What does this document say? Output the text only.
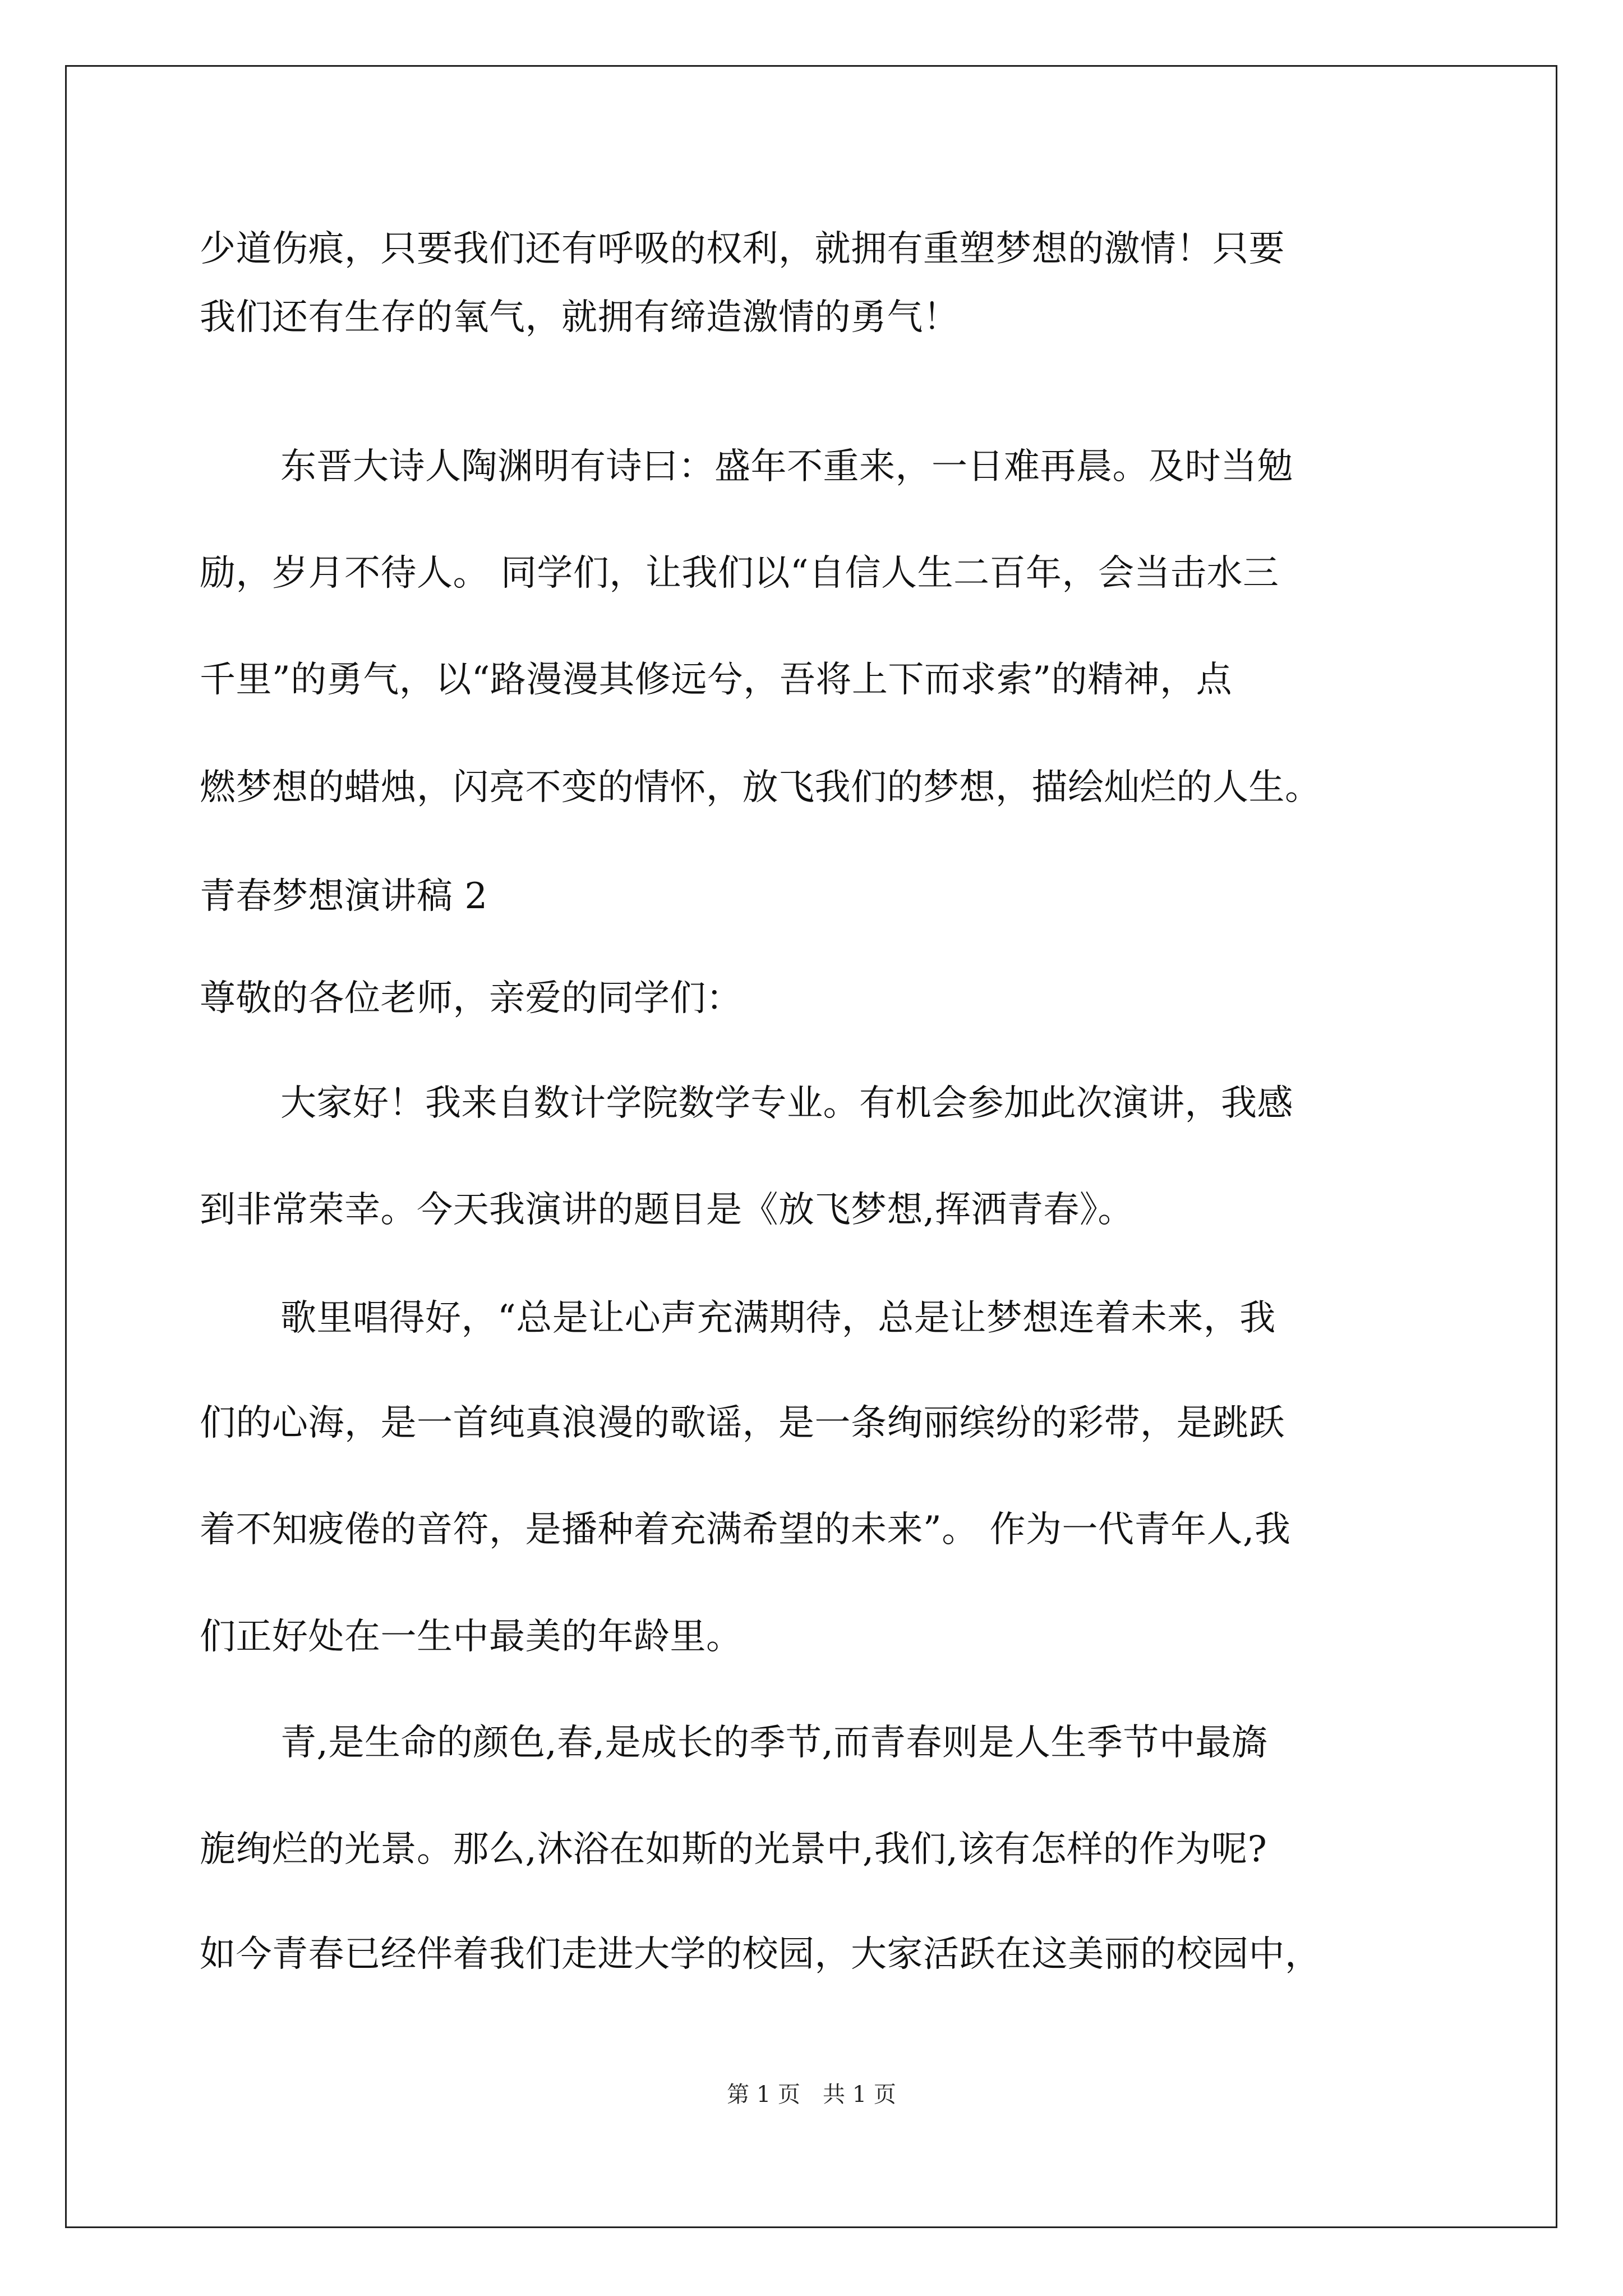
少道伤痕，只要我们还有呼吸的权利，就拥有重塑梦想的激情！只要
我们还有生存的氧气，就拥有缔造激情的勇气！
东晋大诗人陶渊明有诗曰：盛年不重来，一日难再晨。及时当勉
励，岁月不待人。 同学们，让我们以“自信人生二百年，会当击水三
千里”的勇气，以“路漫漫其修远兮，吾将上下而求索”的精神，点
燃梦想的蜡烛，闪亮不变的情怀，放飞我们的梦想，描绘灿烂的人生。
青春梦想演讲稿 2
尊敬的各位老师，亲爱的同学们：
大家好！我来自数计学院数学专业。有机会参加此次演讲，我感
到非常荣幸。今天我演讲的题目是《放飞梦想,挥洒青春》。
歌里唱得好，“总是让心声充满期待，总是让梦想连着未来，我
们的心海，是一首纯真浪漫的歌谣，是一条绚丽缤纷的彩带，是跳跃
着不知疲倦的音符，是播种着充满希望的未来”。 作为一代青年人,我
们正好处在一生中最美的年龄里。
青,是生命的颜色,春,是成长的季节,而青春则是人生季节中最旖
旎绚烂的光景。那么,沐浴在如斯的光景中,我们,该有怎样的作为呢?
如今青春已经伴着我们走进大学的校园，大家活跃在这美丽的校园中，
第 1 页　共 1 页
